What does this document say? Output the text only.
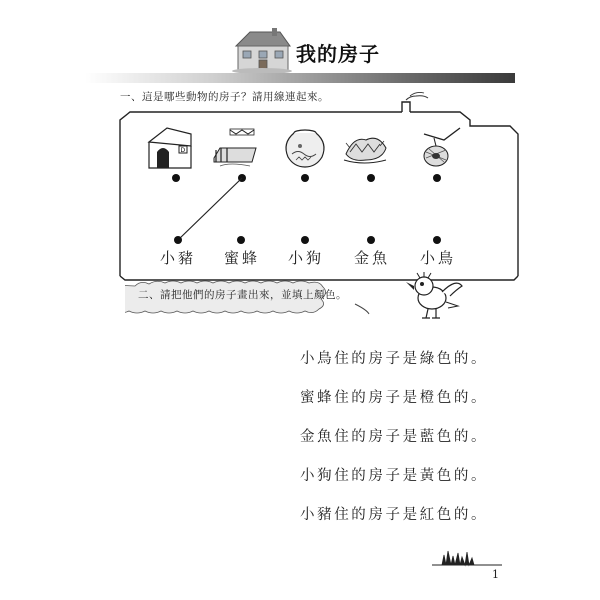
我的房子
一、這是哪些動物的房子？請用線連起來。
D
小豬	蜜蜂	小狗	金魚	小鳥
二、請把他們的房子畫出來，並填上顏色。
小鳥住的房子是綠色的。
蜜蜂住的房子是橙色的。
金魚住的房子是藍色的。
小狗住的房子是黃色的。
小豬住的房子是紅色的。
1
